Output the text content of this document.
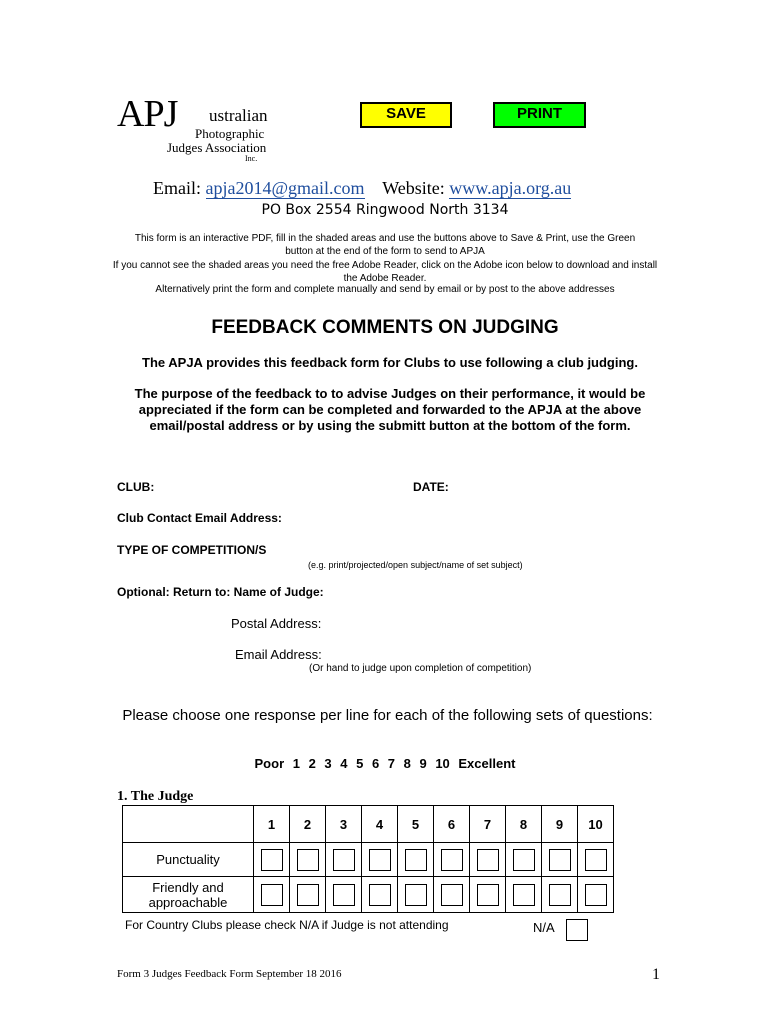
APJ ustralian
Photographic
Judges Association
Inc.
SAVE	PRINT
Email: apja2014@gmail.com Website: www.apja.org.au
PO Box 2554 Ringwood North 3134
This form is an interactive PDF, fill in the shaded areas and use the buttons above to Save & Print, use the Green
button at the end of the form to send to APJA
If you cannot see the shaded areas you need the free Adobe Reader, click on the Adobe icon below to download and install
the Adobe Reader.
Alternatively print the form and complete manually and send by email or by post to the above addresses
FEEDBACK COMMENTS ON JUDGING
The APJA provides this feedback form for Clubs to use following a club judging.
The purpose of the feedback to to advise Judges on their performance, it would be appreciated if the form can be completed and forwarded to the APJA at the above email/postal address or by using the submitt button at the bottom of the form.
CLUB:	DATE:
Club Contact Email Address:
TYPE OF COMPETITION/S
(e.g. print/projected/open subject/name of set subject)
Optional: Return to: Name of Judge:
Postal Address:
Email Address:
(Or hand to judge upon completion of competition)
Please choose one response per line for each of the following sets of questions:
Poor 1 2 3 4 5 6 7 8 9 10 Excellent
1. The Judge
	1	2	3	4	5	6	7	8	9	10
Punctuality										
Friendly and approachable										
For Country Clubs please check N/A if Judge is not attending	N/A
Form 3 Judges Feedback Form September 18 2016	1
